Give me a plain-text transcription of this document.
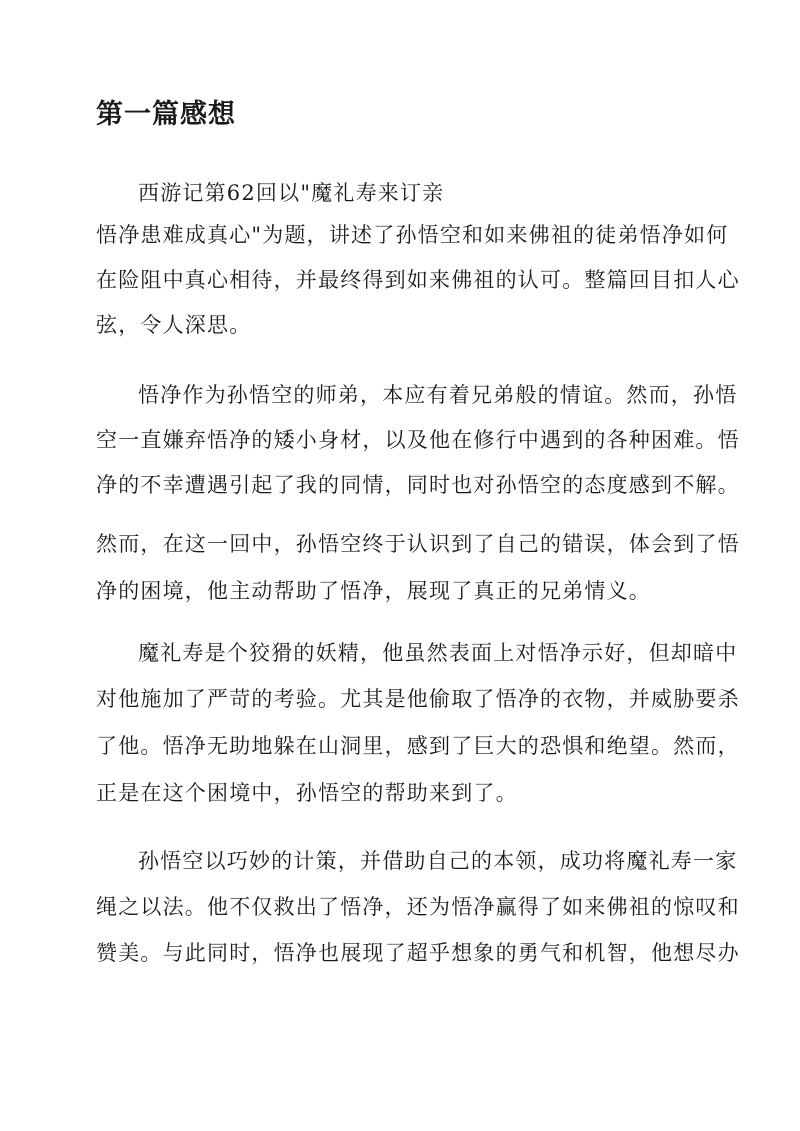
第一篇感想

西游记第62回以"魔礼寿来订亲

悟净患难成真心"为题，讲述了孙悟空和如来佛祖的徒弟悟净如何

在险阻中真心相待，并最终得到如来佛祖的认可。整篇回目扣人心

弦，令人深思。

悟净作为孙悟空的师弟，本应有着兄弟般的情谊。然而，孙悟

空一直嫌弃悟净的矮小身材，以及他在修行中遇到的各种困难。悟

净的不幸遭遇引起了我的同情，同时也对孙悟空的态度感到不解。

然而，在这一回中，孙悟空终于认识到了自己的错误，体会到了悟

净的困境，他主动帮助了悟净，展现了真正的兄弟情义。

魔礼寿是个狡猾的妖精，他虽然表面上对悟净示好，但却暗中

对他施加了严苛的考验。尤其是他偷取了悟净的衣物，并威胁要杀

了他。悟净无助地躲在山洞里，感到了巨大的恐惧和绝望。然而，

正是在这个困境中，孙悟空的帮助来到了。

孙悟空以巧妙的计策，并借助自己的本领，成功将魔礼寿一家

绳之以法。他不仅救出了悟净，还为悟净赢得了如来佛祖的惊叹和

赞美。与此同时，悟净也展现了超乎想象的勇气和机智，他想尽办
